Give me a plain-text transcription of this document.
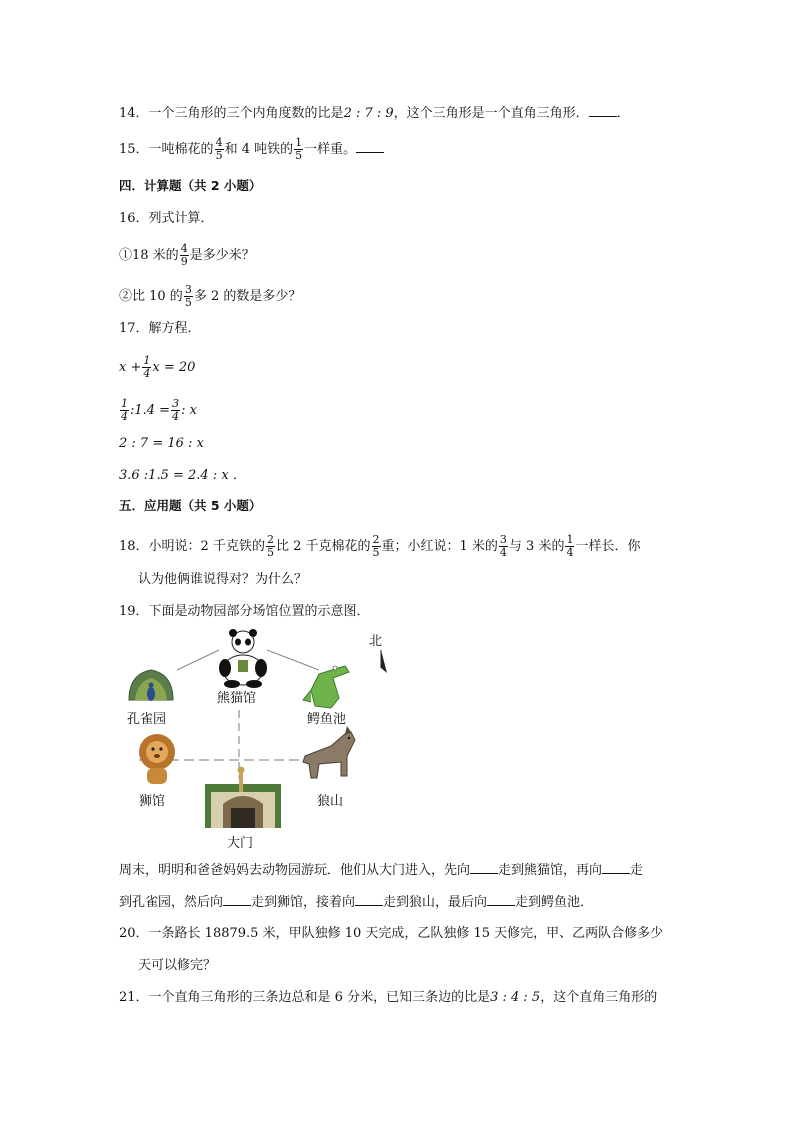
14．一个三角形的三个内角度数的比是2 : 7 : 9，这个三角形是一个直角三角形． ．
15．一吨棉花的 $\frac{4}{5}$ 和 4 吨铁的 $\frac{1}{5}$ 一样重。
四．计算题（共 2 小题）
16．列式计算．
①18 米的 $\frac{4}{9}$ 是多少米？
②比 10 的 $\frac{3}{5}$ 多 2 的数是多少？
17．解方程．
$x + \frac{1}{4}$ x = 20
$\frac{1}{4}$ :1.4 = $\frac{3}{4}$ : x
2 : 7 = 16 : x
3.6 :1.5 = 2.4 : x ．
五．应用题（共 5 小题）
18．小明说：2 千克铁的 $\frac{2}{5}$ 比 2 千克棉花的 $\frac{2}{5}$ 重；小红说：1 米的 $\frac{3}{4}$ 与 3 米的 $\frac{1}{4}$ 一样长．你
认为他俩谁说得对？为什么？
19．下面是动物园部分场馆位置的示意图．
北
熊猫馆
孔雀园	鳄鱼池
狮馆	狼山
大门
周末，明明和爸爸妈妈去动物园游玩．他们从大门进入，先向 走到熊猫馆，再向 走
到孔雀园，然后向 走到狮馆，接着向 走到狼山，最后向 走到鳄鱼池．
20．一条路长 18879.5 米，甲队独修 10 天完成，乙队独修 15 天修完，甲、乙两队合修多少
天可以修完？
21．一个直角三角形的三条边总和是 6 分米，已知三条边的比是3 : 4 : 5，这个直角三角形的
